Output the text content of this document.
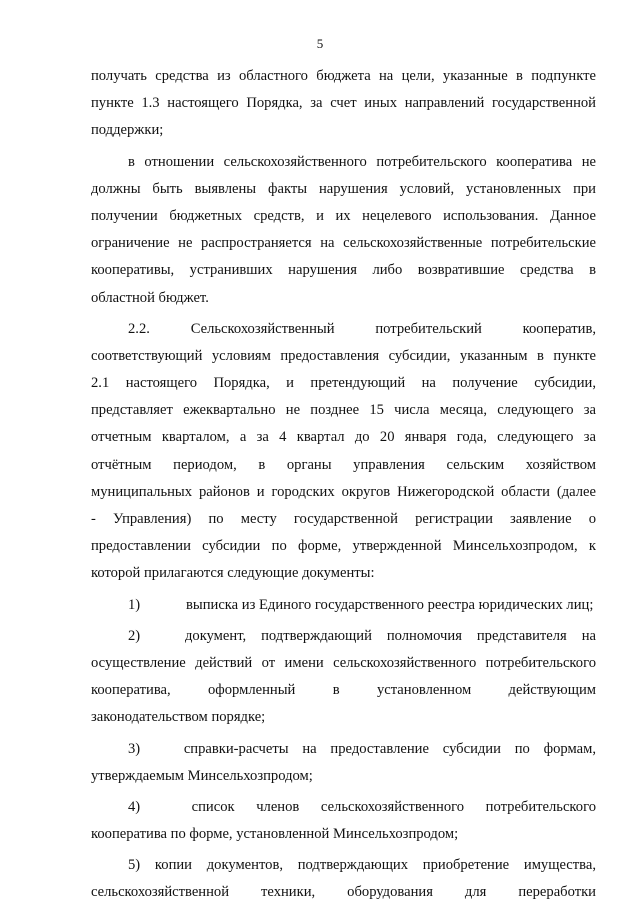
5
получать средства из областного бюджета на цели, указанные в подпункте
пункте 1.3 настоящего Порядка, за счет иных направлений государственной
поддержки;
в отношении сельскохозяйственного потребительского кооператива не
должны быть выявлены факты нарушения условий, установленных при
получении бюджетных средств, и их нецелевого использования. Данное
ограничение не распространяется на сельскохозяйственные потребительские
кооперативы, устранивших нарушения либо возвратившие средства в
областной бюджет.
2.2. Сельскохозяйственный потребительский кооператив,
соответствующий условиям предоставления субсидии, указанным в пункте
2.1 настоящего Порядка, и претендующий на получение субсидии,
представляет ежеквартально не позднее 15 числа месяца, следующего за
отчетным кварталом, а за 4 квартал до 20 января года, следующего за
отчётным периодом, в органы управления сельским хозяйством
муниципальных районов и городских округов Нижегородской области (далее
- Управления) по месту государственной регистрации заявление о
предоставлении субсидии по форме, утвержденной Минсельхозпродом, к
которой прилагаются следующие документы:
1)	выписка из Единого государственного реестра юридических лиц;
2)	документ, подтверждающий полномочия представителя на
осуществление действий от имени сельскохозяйственного потребительского
кооператива, оформленный в установленном действующим
законодательством порядке;
3)	справки-расчеты на предоставление субсидии по формам,
утверждаемым Минсельхозпродом;
4)	список членов сельскохозяйственного потребительского
кооператива по форме, установленной Минсельхозпродом;
5) копии документов, подтверждающих приобретение имущества,
сельскохозяйственной техники, оборудования для переработки
